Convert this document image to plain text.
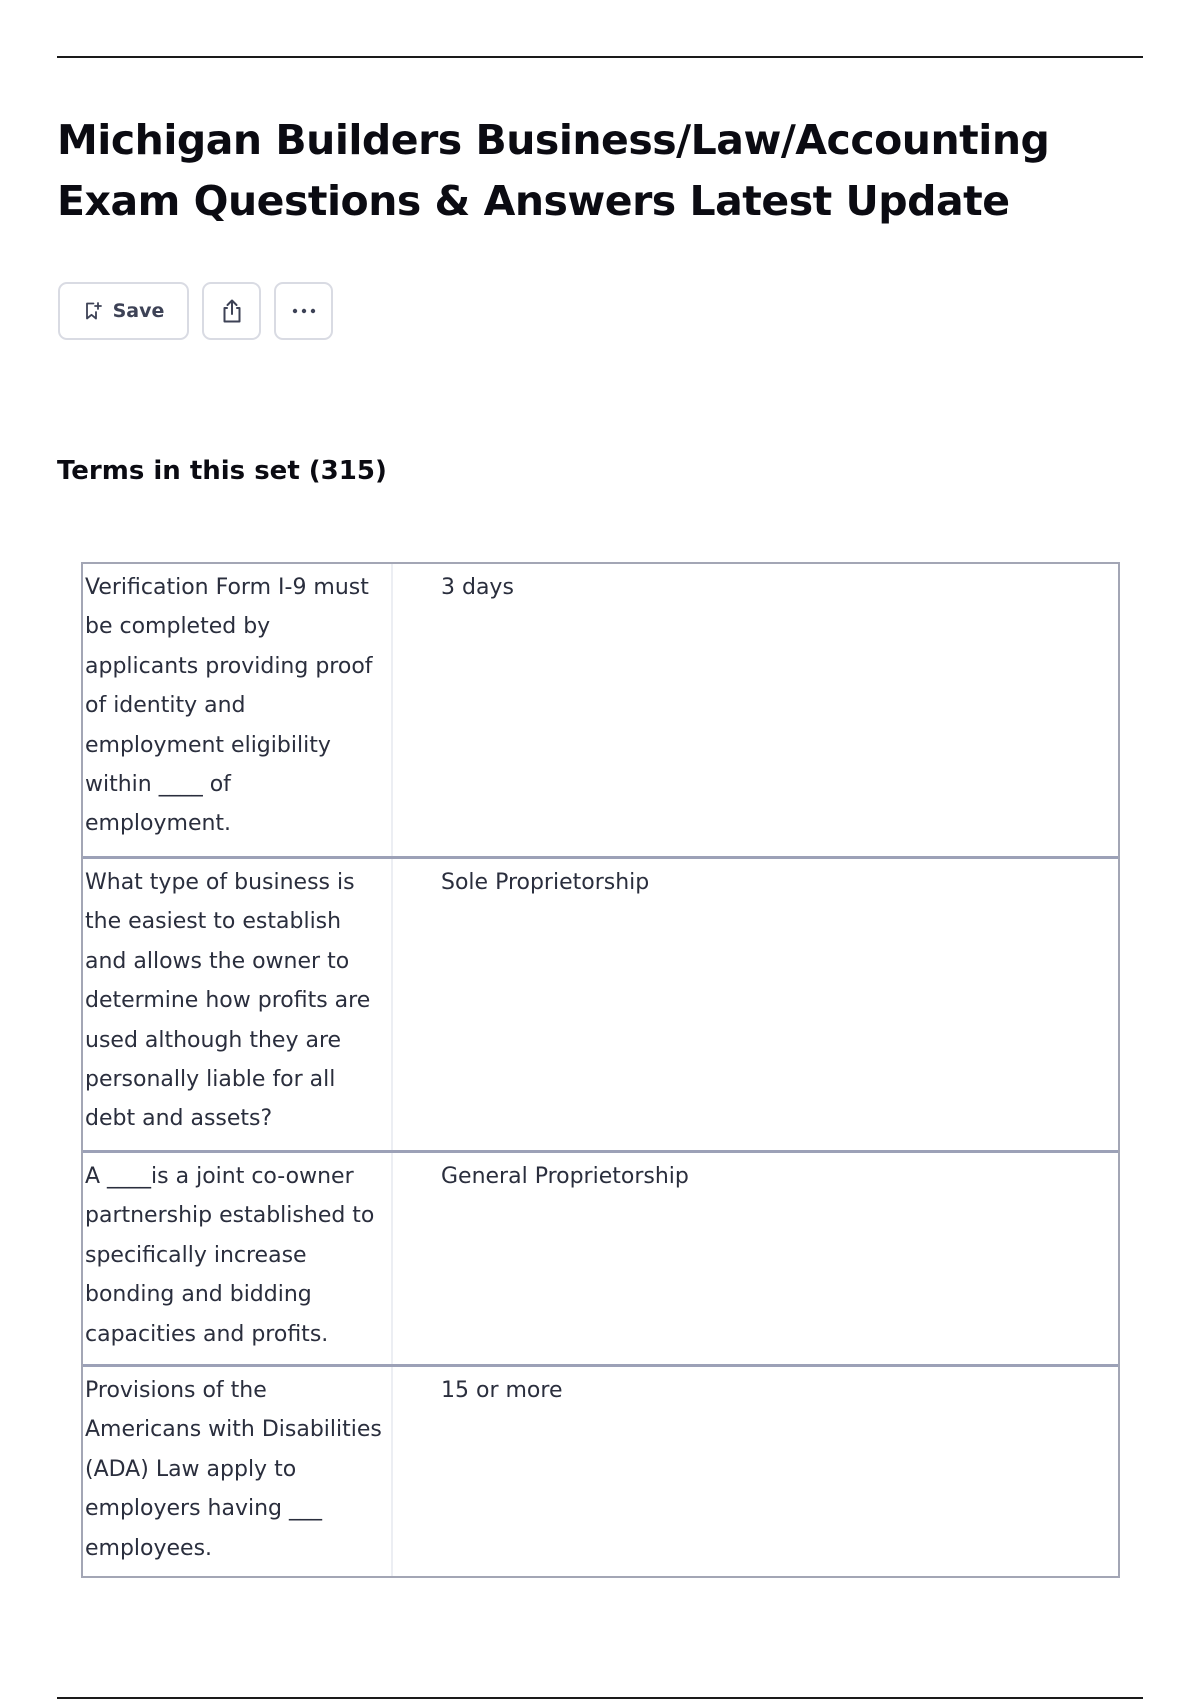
Michigan Builders Business/Law/Accounting
Exam Questions & Answers Latest Update
Save
Terms in this set (315)
Verification Form I-9 must be completed by applicants providing proof of identity and employment eligibility within ____ of employment.
3 days
What type of business is the easiest to establish and allows the owner to determine how profits are used although they are personally liable for all debt and assets?
Sole Proprietorship
A ____is a joint co-owner partnership established to specifically increase bonding and bidding capacities and profits.
General Proprietorship
Provisions of the Americans with Disabilities (ADA) Law apply to employers having ___ employees.
15 or more
